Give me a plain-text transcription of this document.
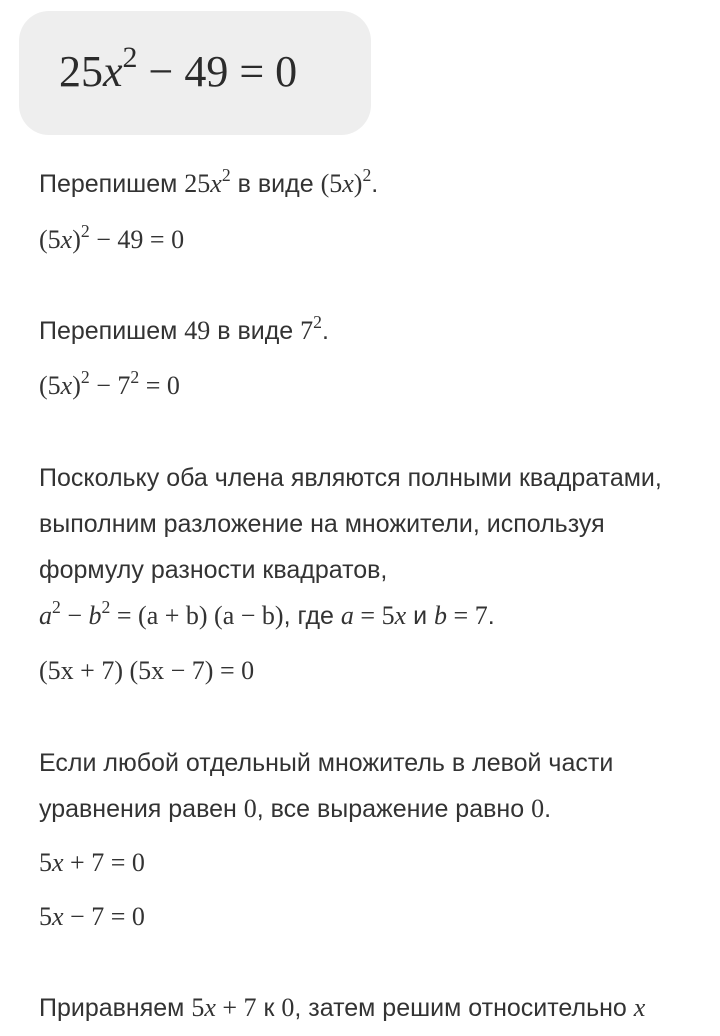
$25x^2 - 49 = 0$
Перепишем $25x^2$ в виде $(5x)^2$.
$(5x)^2 - 49 = 0$
Перепишем 49 в виде $7^2$.
$(5x)^2 - 7^2 = 0$
Поскольку оба члена являются полными квадратами,
выполним разложение на множители, используя
формулу разности квадратов,
$a^2 - b^2 = (a + b) (a - b)$, где a = 5x и b = 7.
(5x + 7) (5x − 7) = 0
Если любой отдельный множитель в левой части
уравнения равен 0, все выражение равно 0.
5x + 7 = 0
5x − 7 = 0
Приравняем 5x + 7 к 0, затем решим относительно x
